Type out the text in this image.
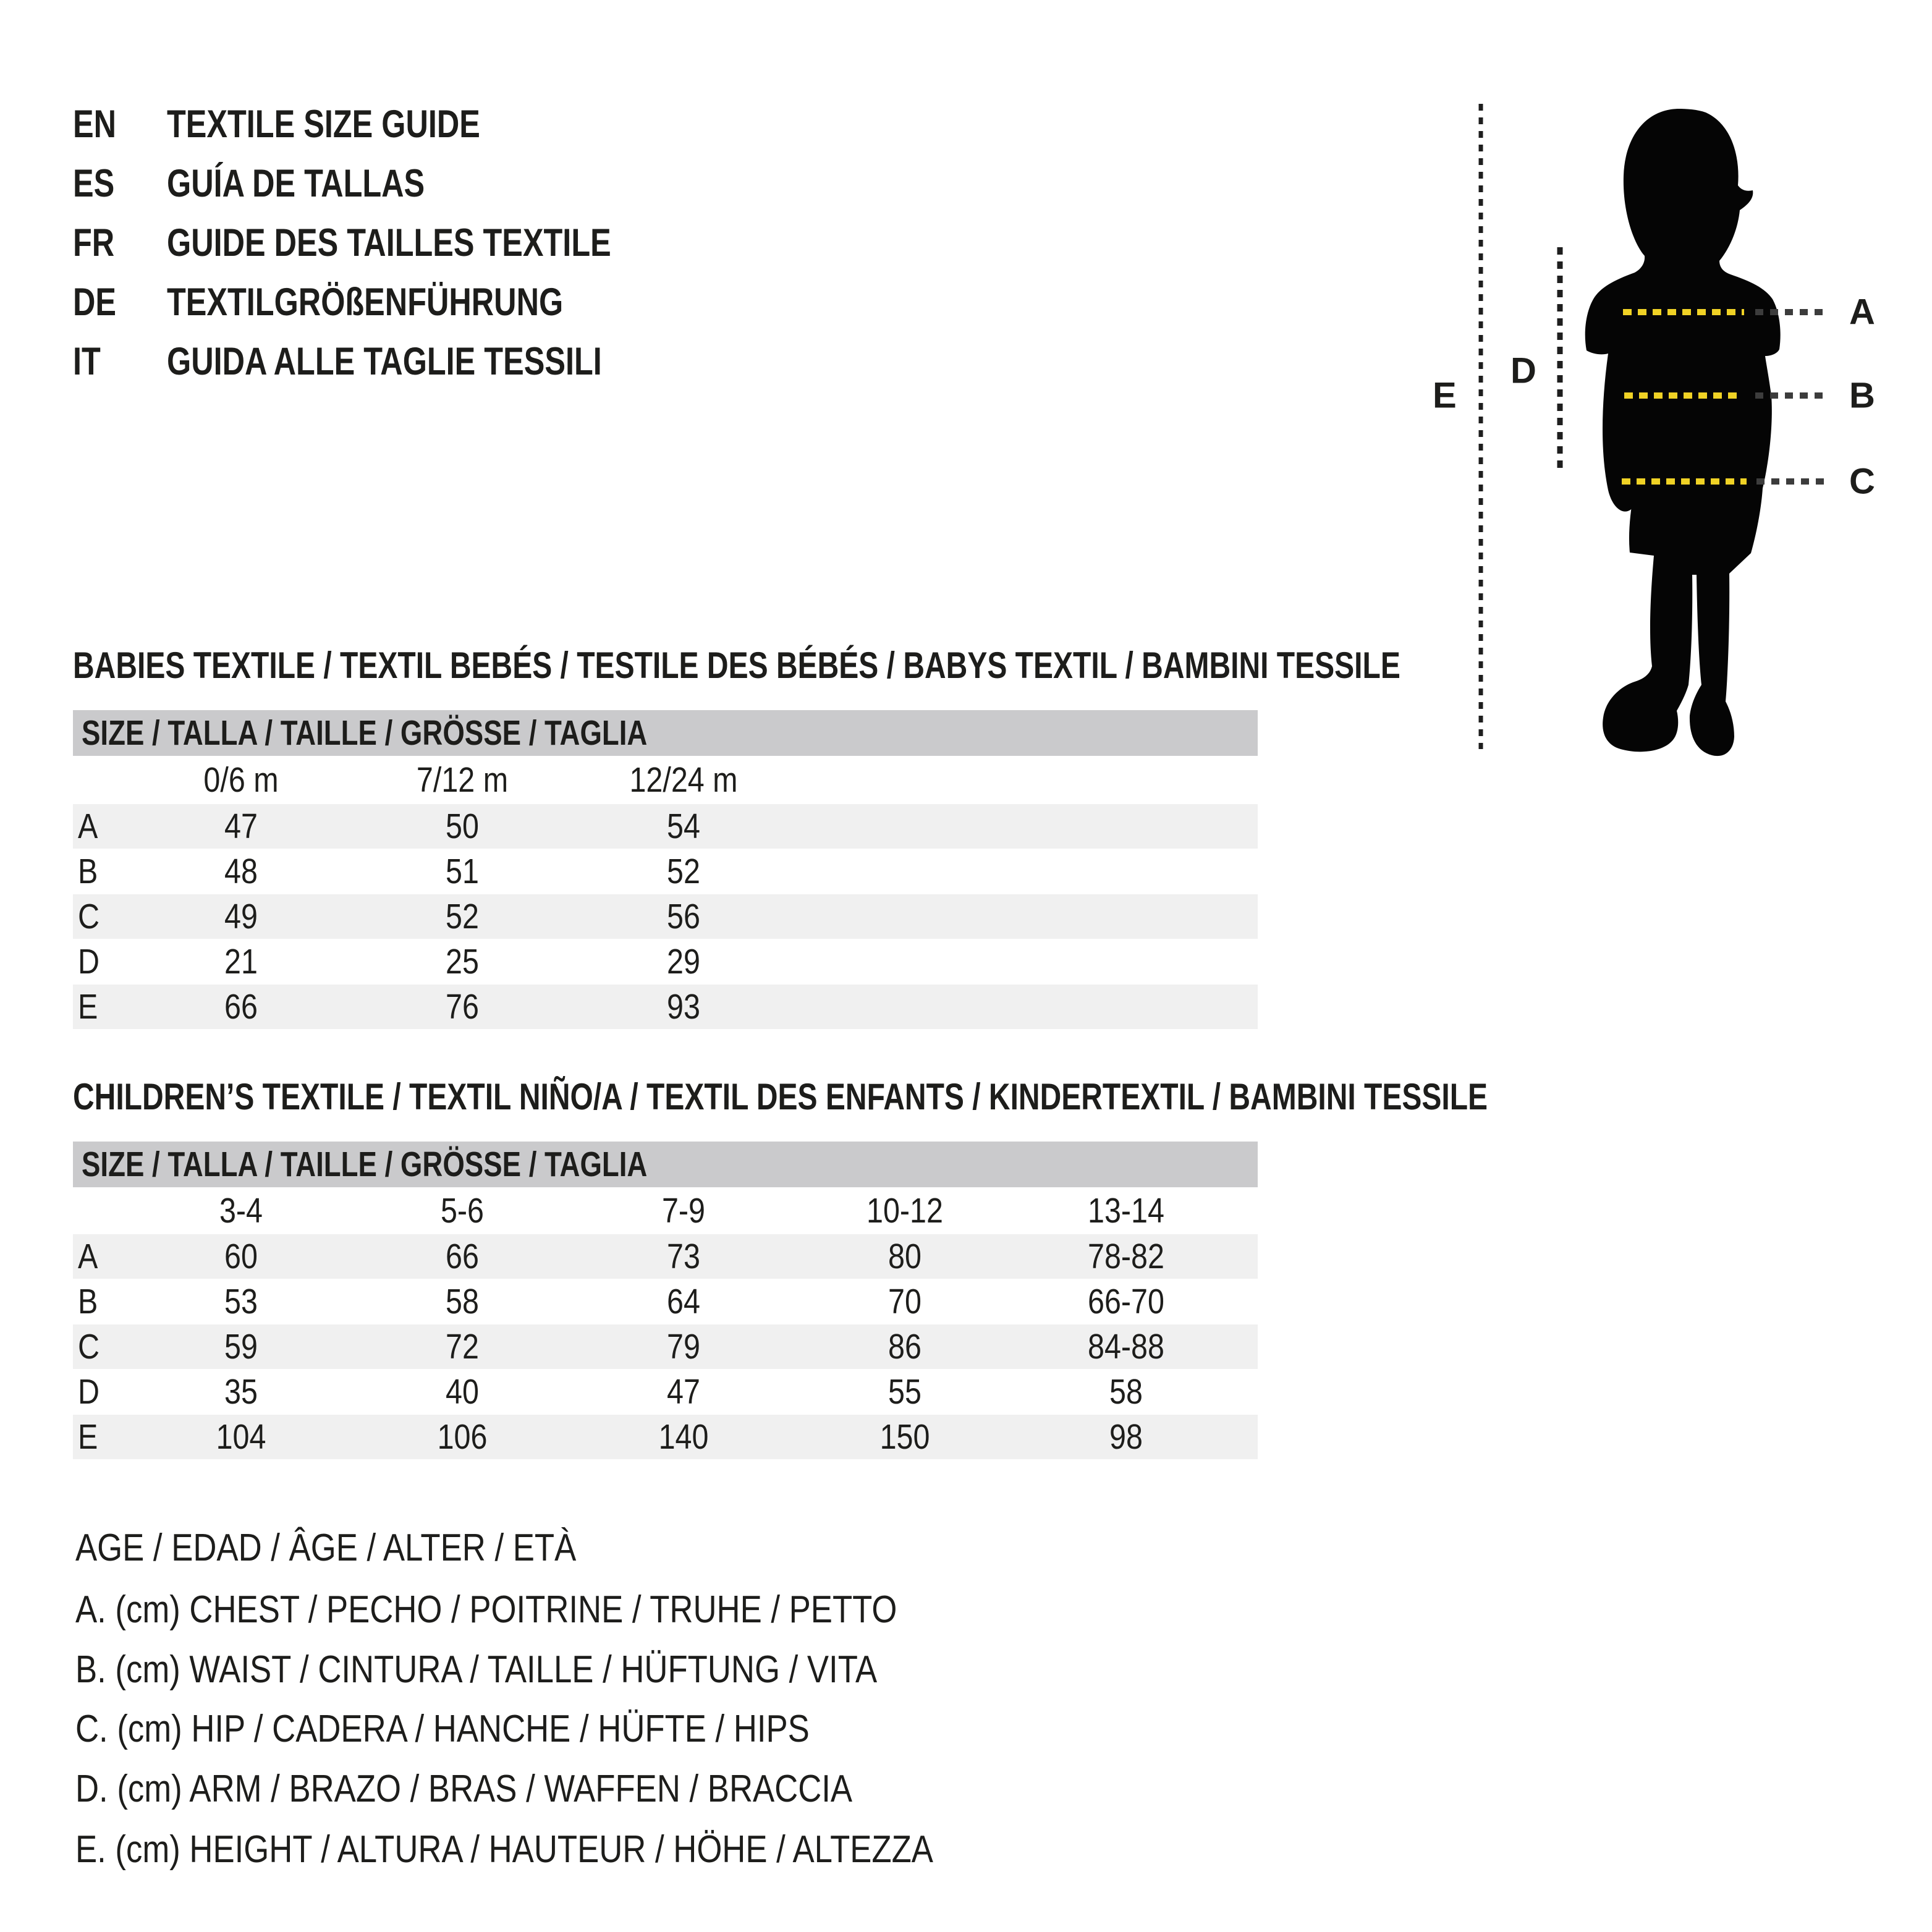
A
B
C
D
E
EN TEXTILE SIZE GUIDE
ES GUÍA DE TALLAS
FR GUIDE DES TAILLES TEXTILE
DE TEXTILGRÖßENFÜHRUNG
IT GUIDA ALLE TAGLIE TESSILI
BABIES TEXTILE / TEXTIL BEBÉS / TESTILE DES BÉBÉS / BABYS TEXTIL / BAMBINI TESSILE
SIZE / TALLA / TAILLE / GRÖSSE / TAGLIA
0/6 m	7/12 m	12/24 m
A	47	50	54
B	48	51	52
C	49	52	56
D	21	25	29
E	66	76	93
CHILDREN’S TEXTILE / TEXTIL NIÑO/A / TEXTIL DES ENFANTS / KINDERTEXTIL / BAMBINI TESSILE
SIZE / TALLA / TAILLE / GRÖSSE / TAGLIA
3-4	5-6	7-9	10-12	13-14
A	60	66	73	80	78-82
B	53	58	64	70	66-70
C	59	72	79	86	84-88
D	35	40	47	55	58
E	104	106	140	150	98
AGE / EDAD / ÂGE / ALTER / ETÀ
A. (cm) CHEST / PECHO / POITRINE / TRUHE / PETTO
B. (cm) WAIST / CINTURA / TAILLE / HÜFTUNG / VITA
C. (cm) HIP / CADERA / HANCHE / HÜFTE / HIPS
D. (cm) ARM / BRAZO / BRAS / WAFFEN / BRACCIA
E. (cm) HEIGHT / ALTURA / HAUTEUR / HÖHE / ALTEZZA
